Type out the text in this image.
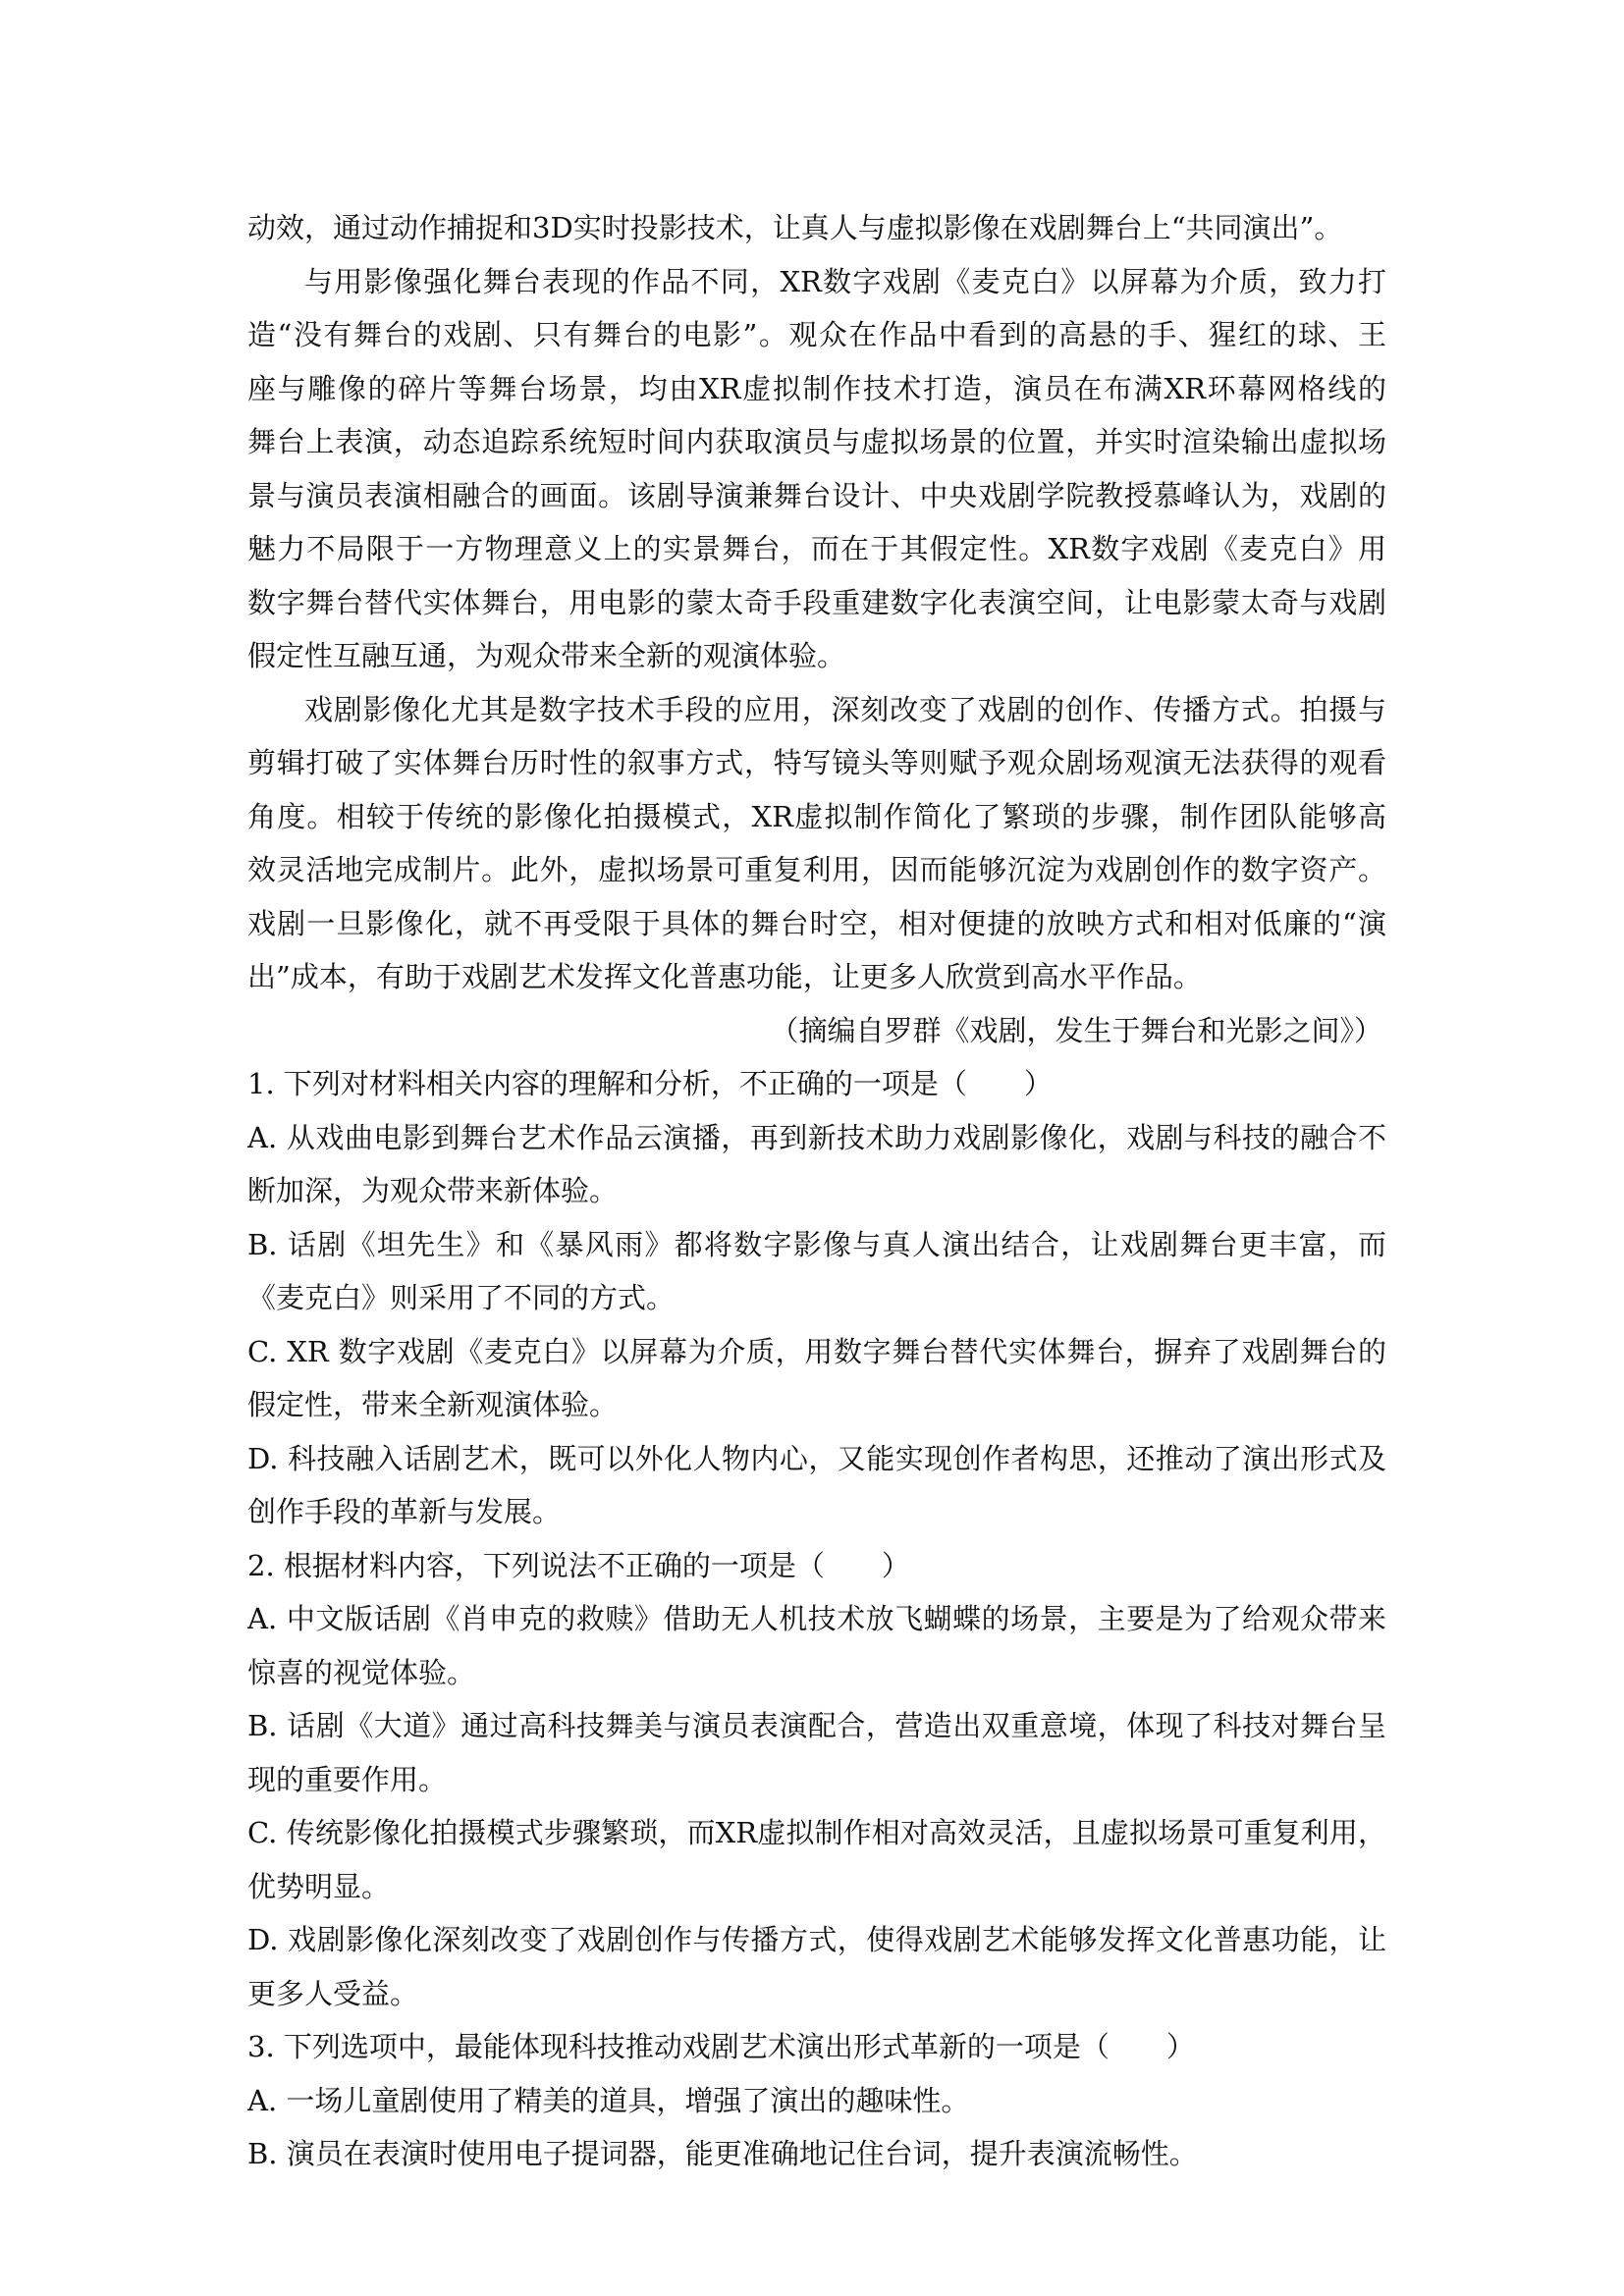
动效，通过动作捕捉和3D实时投影技术，让真人与虚拟影像在戏剧舞台上“共同演出”。
与用影像强化舞台表现的作品不同，XR数字戏剧《麦克白》以屏幕为介质，致力打
造“没有舞台的戏剧、只有舞台的电影”。观众在作品中看到的高悬的手、猩红的球、王
座与雕像的碎片等舞台场景，均由XR虚拟制作技术打造，演员在布满XR环幕网格线的
舞台上表演，动态追踪系统短时间内获取演员与虚拟场景的位置，并实时渲染输出虚拟场
景与演员表演相融合的画面。该剧导演兼舞台设计、中央戏剧学院教授慕峰认为，戏剧的
魅力不局限于一方物理意义上的实景舞台，而在于其假定性。XR数字戏剧《麦克白》用
数字舞台替代实体舞台，用电影的蒙太奇手段重建数字化表演空间，让电影蒙太奇与戏剧
假定性互融互通，为观众带来全新的观演体验。
戏剧影像化尤其是数字技术手段的应用，深刻改变了戏剧的创作、传播方式。拍摄与
剪辑打破了实体舞台历时性的叙事方式，特写镜头等则赋予观众剧场观演无法获得的观看
角度。相较于传统的影像化拍摄模式，XR虚拟制作简化了繁琐的步骤，制作团队能够高
效灵活地完成制片。此外，虚拟场景可重复利用，因而能够沉淀为戏剧创作的数字资产。
戏剧一旦影像化，就不再受限于具体的舞台时空，相对便捷的放映方式和相对低廉的“演
出”成本，有助于戏剧艺术发挥文化普惠功能，让更多人欣赏到高水平作品。
（摘编自罗群《戏剧，发生于舞台和光影之间》）
1. 下列对材料相关内容的理解和分析，不正确的一项是（　　）
A. 从戏曲电影到舞台艺术作品云演播，再到新技术助力戏剧影像化，戏剧与科技的融合不
断加深，为观众带来新体验。
B. 话剧《坦先生》和《暴风雨》都将数字影像与真人演出结合，让戏剧舞台更丰富，而
《麦克白》则采用了不同的方式。
C. XR 数字戏剧《麦克白》以屏幕为介质，用数字舞台替代实体舞台，摒弃了戏剧舞台的
假定性，带来全新观演体验。
D. 科技融入话剧艺术，既可以外化人物内心，又能实现创作者构思，还推动了演出形式及
创作手段的革新与发展。
2. 根据材料内容，下列说法不正确的一项是（　　）
A. 中文版话剧《肖申克的救赎》借助无人机技术放飞蝴蝶的场景，主要是为了给观众带来
惊喜的视觉体验。
B. 话剧《大道》通过高科技舞美与演员表演配合，营造出双重意境，体现了科技对舞台呈
现的重要作用。
C. 传统影像化拍摄模式步骤繁琐，而XR虚拟制作相对高效灵活，且虚拟场景可重复利用，
优势明显。
D. 戏剧影像化深刻改变了戏剧创作与传播方式，使得戏剧艺术能够发挥文化普惠功能，让
更多人受益。
3. 下列选项中，最能体现科技推动戏剧艺术演出形式革新的一项是（　　）
A. 一场儿童剧使用了精美的道具，增强了演出的趣味性。
B. 演员在表演时使用电子提词器，能更准确地记住台词，提升表演流畅性。
